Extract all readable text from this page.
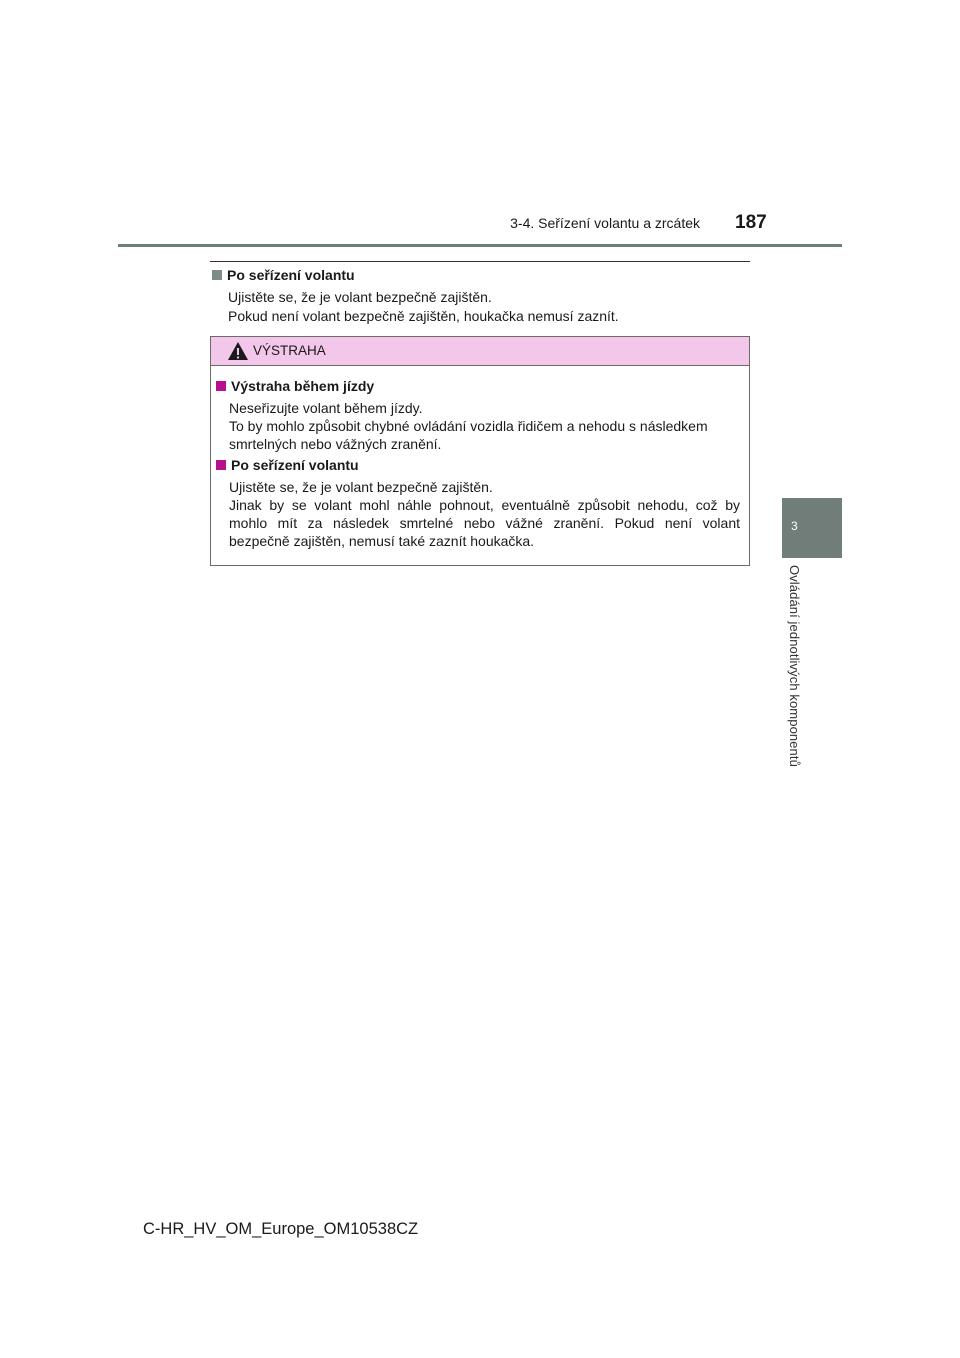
3-4. Seřízení volantu a zrcátek 187
3
Ovládání jednotlivých komponentů
Po seřízení volantu
Ujistěte se, že je volant bezpečně zajištěn.
Pokud není volant bezpečně zajištěn, houkačka nemusí zaznít.
VÝSTRAHA
Výstraha během jízdy
Neseřizujte volant během jízdy.
To by mohlo způsobit chybné ovládání vozidla řidičem a nehodu s následkem
smrtelných nebo vážných zranění.
Po seřízení volantu
Ujistěte se, že je volant bezpečně zajištěn.
Jinak by se volant mohl náhle pohnout, eventuálně způsobit nehodu, což by
mohlo mít za následek smrtelné nebo vážné zranění. Pokud není volant
bezpečně zajištěn, nemusí také zaznít houkačka.
C-HR_HV_OM_Europe_OM10538CZ
